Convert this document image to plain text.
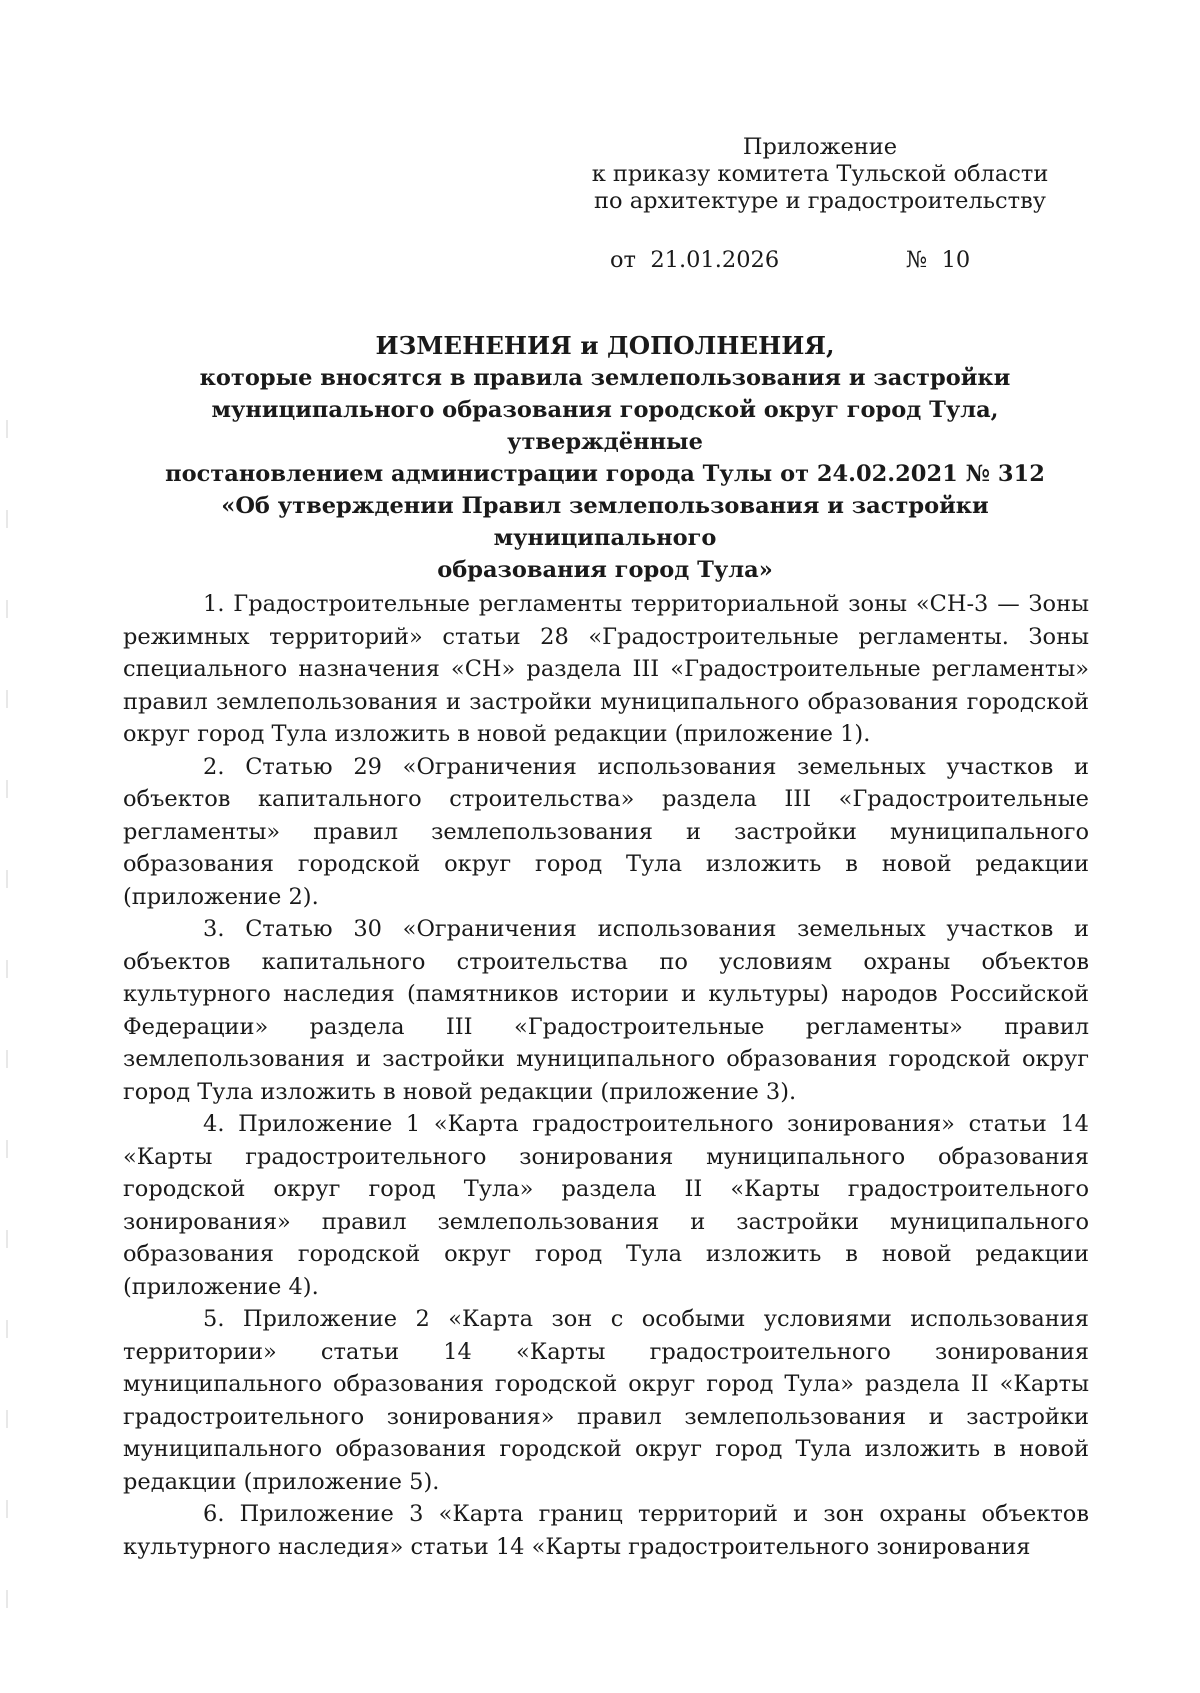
Приложение
к приказу комитета Тульской области
по архитектуре и градостроительству
от 21.01.2026	№ 10
ИЗМЕНЕНИЯ и ДОПОЛНЕНИЯ,
которые вносятся в правила землепользования и застройки
муниципального образования городской округ город Тула, утверждённые
постановлением администрации города Тулы от 24.02.2021 № 312
«Об утверждении Правил землепользования и застройки муниципального
образования город Тула»

1. Градостроительные регламенты территориальной зоны «СН-3 — Зоны режимных территорий» статьи 28 «Градостроительные регламенты. Зоны специального назначения «СН» раздела III «Градостроительные регламенты» правил землепользования и застройки муниципального образования городской округ город Тула изложить в новой редакции (приложение 1).

2. Статью 29 «Ограничения использования земельных участков и объектов капитального строительства» раздела III «Градостроительные регламенты» правил землепользования и застройки муниципального образования городской округ город Тула изложить в новой редакции (приложение 2).

3. Статью 30 «Ограничения использования земельных участков и объектов капитального строительства по условиям охраны объектов культурного наследия (памятников истории и культуры) народов Российской Федерации» раздела III «Градостроительные регламенты» правил землепользования и застройки муниципального образования городской округ город Тула изложить в новой редакции (приложение 3).

4. Приложение 1 «Карта градостроительного зонирования» статьи 14 «Карты градостроительного зонирования муниципального образования городской округ город Тула» раздела II «Карты градостроительного зонирования» правил землепользования и застройки муниципального образования городской округ город Тула изложить в новой редакции (приложение 4).

5. Приложение 2 «Карта зон с особыми условиями использования территории» статьи 14 «Карты градостроительного зонирования муниципального образования городской округ город Тула» раздела II «Карты градостроительного зонирования» правил землепользования и застройки муниципального образования городской округ город Тула изложить в новой редакции (приложение 5).

6. Приложение 3 «Карта границ территорий и зон охраны объектов культурного наследия» статьи 14 «Карты градостроительного зонирования
